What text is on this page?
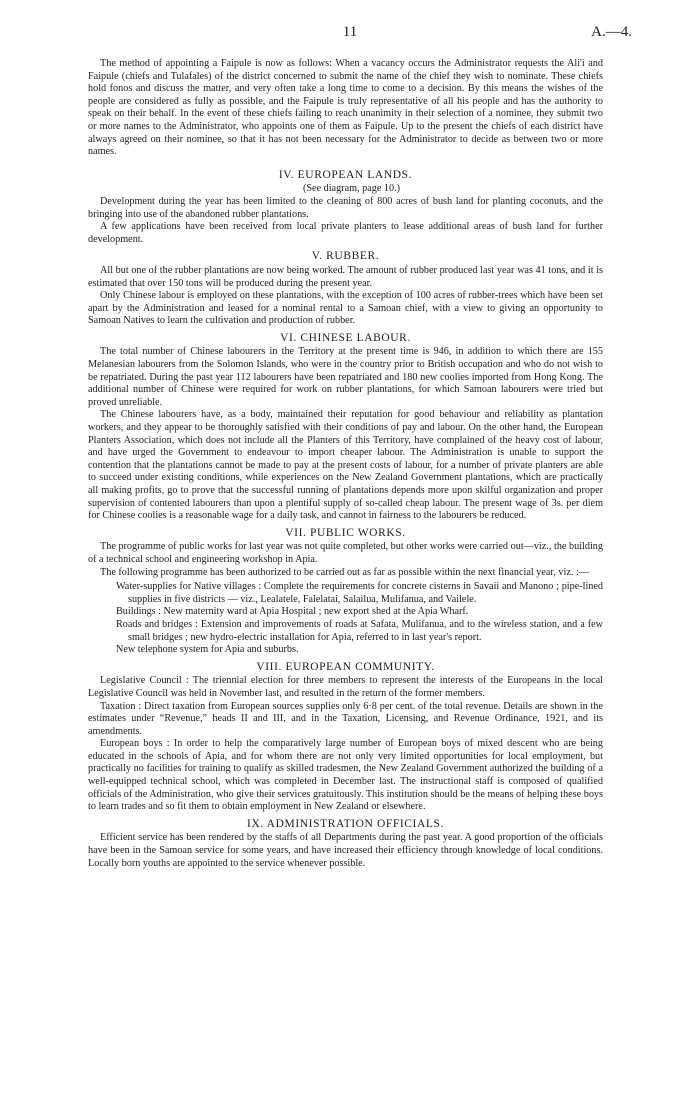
11	A.—4.

The method of appointing a Faipule is now as follows: When a vacancy occurs the Administrator requests the Ali'i and Faipule (chiefs and Tulafales) of the district concerned to submit the name of the chief they wish to nominate. These chiefs hold fonos and discuss the matter, and very often take a long time to come to a decision. By this means the wishes of the people are considered as fully as possible, and the Faipule is truly representative of all his people and has the authority to speak on their behalf. In the event of these chiefs failing to reach unanimity in their selection of a nominee, they submit two or more names to the Administrator, who appoints one of them as Faipule. Up to the present the chiefs of each district have always agreed on their nominee, so that it has not been necessary for the Administrator to decide as between two or more names.

IV. EUROPEAN LANDS.

(See diagram, page 10.)

Development during the year has been limited to the cleaning of 800 acres of bush land for planting coconuts, and the bringing into use of the abandoned rubber plantations.

A few applications have been received from local private planters to lease additional areas of bush land for further development.

V. RUBBER.

All but one of the rubber plantations are now being worked. The amount of rubber produced last year was 41 tons, and it is estimated that over 150 tons will be produced during the present year.

Only Chinese labour is employed on these plantations, with the exception of 100 acres of rubber-trees which have been set apart by the Administration and leased for a nominal rental to a Samoan chief, with a view to giving an opportunity to Samoan Natives to learn the cultivation and production of rubber.

VI. CHINESE LABOUR.

The total number of Chinese labourers in the Territory at the present time is 946, in addition to which there are 155 Melanesian labourers from the Solomon Islands, who were in the country prior to British occupation and who do not wish to be repatriated. During the past year 112 labourers have been repatriated and 180 new coolies imported from Hong Kong. The additional number of Chinese were required for work on rubber plantations, for which Samoan labourers were tried but proved unreliable.

The Chinese labourers have, as a body, maintained their reputation for good behaviour and reliability as plantation workers, and they appear to be thoroughly satisfied with their conditions of pay and labour. On the other hand, the European Planters Association, which does not include all the Planters of this Territory, have complained of the heavy cost of labour, and have urged the Government to endeavour to import cheaper labour. The Administration is unable to support the contention that the plantations cannot be made to pay at the present costs of labour, for a number of private planters are able to succeed under existing conditions, while experiences on the New Zealand Government plantations, which are practically all making profits, go to prove that the successful running of plantations depends more upon skilful organization and proper supervision of contented labourers than upon a plentiful supply of so-called cheap labour. The present wage of 3s. per diem for Chinese coolies is a reasonable wage for a daily task, and cannot in fairness to the labourers be reduced.

VII. PUBLIC WORKS.

The programme of public works for last year was not quite completed, but other works were carried out—viz., the building of a technical school and engineering workshop in Apia.

The following programme has been authorized to be carried out as far as possible within the next financial year, viz. :—

Water-supplies for Native villages : Complete the requirements for concrete cisterns in Savaii and Manono ; pipe-lined supplies in five districts — viz., Lealatele, Falelatai, Salailua, Mulifanua, and Vailele.
Buildings : New maternity ward at Apia Hospital ; new export shed at the Apia Wharf.
Roads and bridges : Extension and improvements of roads at Safata, Mulifanua, and to the wireless station, and a few small bridges ; new hydro-electric installation for Apia, referred to in last year's report.
New telephone system for Apia and suburbs.
VIII. EUROPEAN COMMUNITY.

Legislative Council : The triennial election for three members to represent the interests of the Europeans in the local Legislative Council was held in November last, and resulted in the return of the former members.

Taxation : Direct taxation from European sources supplies only 6·8 per cent. of the total revenue. Details are shown in the estimates under “Revenue,” heads II and III, and in the Taxation, Licensing, and Revenue Ordinance, 1921, and its amendments.

European boys : In order to help the comparatively large number of European boys of mixed descent who are being educated in the schools of Apia, and for whom there are not only very limited opportunities for local employment, but practically no facilities for training to qualify as skilled tradesmen, the New Zealand Government authorized the building of a well-equipped technical school, which was completed in December last. The instructional staff is composed of qualified officials of the Administration, who give their services gratuitously. This institution should be the means of helping these boys to learn trades and so fit them to obtain employment in New Zealand or elsewhere.

IX. ADMINISTRATION OFFICIALS.

Efficient service has been rendered by the staffs of all Departments during the past year. A good proportion of the officials have been in the Samoan service for some years, and have increased their efficiency through knowledge of local conditions. Locally born youths are appointed to the service whenever possible.
